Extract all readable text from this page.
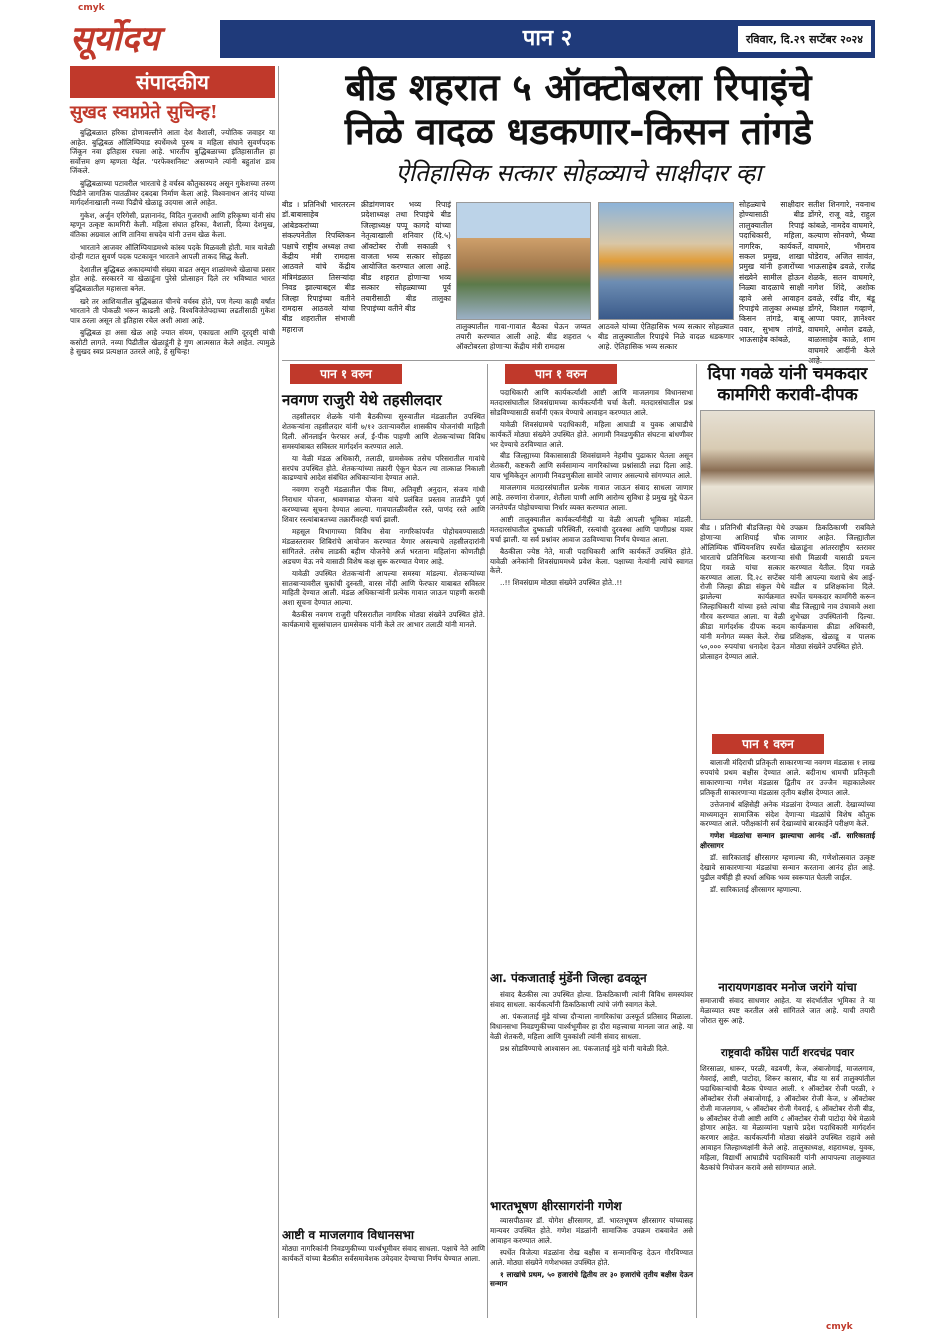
cmyk
सूर्योदय	पान २	रविवार, दि.२९ सप्टेंबर २०२४
संपादकीय
सुखद स्वप्नप्रेते सुचिन्ह!

बुद्धिबळात हरिका द्रोणावल्लीने आता देश वैशाली, ज्योतिक जवाहर या आहेत. बुद्धिबळ ऑलिम्पियाड स्पर्धेमध्ये पुरुष व महिला संघाने सुवर्णपदक जिंकून नवा इतिहास रचला आहे. भारतीय बुद्धिबळाच्या इतिहासातील हा सर्वोत्तम क्षण म्हणता येईल. 'परफेक्शनिस्ट' असण्याने त्यांनी बहुतांश डाव जिंकले.

बुद्धिबळाच्या पटावरील भारताचे हे वर्चस्व कौतुकास्पद असून गुकेशच्या तरुण पिढीने जागतिक पातळीवर दबदबा निर्माण केला आहे. विश्वनाथन आनंद यांच्या मार्गदर्शनाखाली नव्या पिढीचे खेळाडू उदयास आले आहेत.

गुकेश, अर्जुन एरिगेसी, प्रज्ञानानंद, विदित गुजराथी आणि हरिकृष्ण यांनी संघ म्हणून उत्कृष्ट कामगिरी केली. महिला संघात हरिका, वैशाली, दिव्या देशमुख, वंतिका अग्रवाल आणि तानिया सचदेव यांनी उत्तम खेळ केला.

भारताने आजवर ऑलिम्पियाडमध्ये कांस्य पदके मिळवली होती. मात्र यावेळी दोन्ही गटात सुवर्ण पदक पटकावून भारताने आपली ताकद सिद्ध केली.

देशातील बुद्धिबळ अकादम्यांची संख्या वाढत असून शाळांमध्ये खेळाचा प्रसार होत आहे. सरकारने या खेळाडूंना पुरेसे प्रोत्साहन दिले तर भविष्यात भारत बुद्धिबळातील महासत्ता बनेल.

खरे तर आशियातील बुद्धिबळात चीनचे वर्चस्व होते, पण गेल्या काही वर्षांत भारताने ती पोकळी भरून काढली आहे. विश्वविजेतेपदाच्या लढतीसाठी गुकेश पात्र ठरला असून तो इतिहास रचेल अशी आशा आहे.

बुद्धिबळ हा असा खेळ आहे ज्यात संयम, एकाग्रता आणि दूरदृष्टी यांची कसोटी लागते. नव्या पिढीतील खेळाडूंनी हे गुण आत्मसात केले आहेत. त्यामुळे हे सुखद स्वप्न प्रत्यक्षात उतरले आहे, हे सुचिन्ह!

बीड शहरात ५ ऑक्टोबरला रिपाइंचे
निळे वादळ धडकणार-किसन तांगडे
ऐतिहासिक सत्कार सोहळ्याचे साक्षीदार व्हा
बीड । प्रतिनिधी भारतरत्न डॉ.बाबासाहेब आंबेडकरांच्या संकल्पनेतील रिपब्लिकन पक्षाचे राष्ट्रीय अध्यक्ष तथा केंद्रीय मंत्री रामदास आठवले यांचे केंद्रीय मंत्रिमंडळात तिसऱ्यांदा निवड झाल्याबद्दल बीड जिल्हा रिपाइंच्या वतीने रामदास आठवले यांचा बीड शहरातील संभाजी महाराज
क्रीडांगणावर भव्य रिपाइं प्रदेशाध्यक्ष तथा रिपाइंचे बीड जिल्हाध्यक्ष पप्पू कागदे यांच्या नेतृत्वाखाली शनिवार (दि.५) ऑक्टोबर रोजी सकाळी ९ वाजता भव्य सत्कार सोहळा आयोजित करण्यात आला आहे. बीड शहरात होणाऱ्या भव्य सत्कार सोहळ्याच्या पूर्व तयारीसाठी बीड तालुका रिपाइंच्या वतीने बीड
तालुक्यातील गावा-गावात बैठका घेऊन जय्यत तयारी करण्यात आली आहे. बीड शहरात ५ ऑक्टोबरला होणाऱ्या केंद्रीय मंत्री रामदास
आठवले यांच्या ऐतिहासिक भव्य सत्कार सोहळ्यात बीड तालुक्यातील रिपाइंचे निळे वादळ धडकणार आहे. ऐतिहासिक भव्य सत्कार
सोहळ्याचे साक्षीदार होण्यासाठी बीड तालुक्यातील रिपाइं पदाधिकारी, महिला, नागरिक, कार्यकर्ते, सकल प्रमुख, शाखा प्रमुख यांनी हजारोंच्या संख्येने सामील होऊन निळ्या वादळाचे साक्षी व्हावे असे आवाहन रिपाइंचे तालुका अध्यक्ष किसन तांगडे, बाबू पवार, सुभाष तांगडे, भाऊसाहेब कांबळे,
सतीश शिनगारे, नवनाथ डोंगरे, राजू वडे, राहुल कांबळे, नामदेव वाघमारे, कल्याण सोनवणे, भैय्या वाघमारे, भीमराव घोडेराव, अजित सावंत, भाऊसाहेब ढवळे, राजेंद्र शेळके, सतन वाघमारे, नागेश शिंदे, अशोक ढवळे, रवींद्र वीर, बंडू डोंगरे, विशाल गव्हाणे, आप्पा पवार, ज्ञानेश्वर वाघमारे, अमोल ढवळे, बाळासाहेब काळे, शाम वाघमारे आदींनी केले
पान १ वरुन	पान १ वरुन
नवगण राजुरी येथे तहसीलदार

तहसीलदार शेळके यांनी बैठकीच्या सुरुवातील मंडळातील उपस्थित शेतकऱ्यांना तहसीलदार यांनी ७/१२ उताऱ्यावरील शासकीय योजनांची माहिती दिली. ऑनलाईन फेरफार अर्ज, ई-पीक पाहणी आणि शेतकऱ्यांच्या विविध समस्यांबाबत सविस्तर मार्गदर्शन करण्यात आले.

या वेळी मंडळ अधिकारी, तलाठी, ग्रामसेवक तसेच परिसरातील गावांचे सरपंच उपस्थित होते. शेतकऱ्यांच्या तक्रारी ऐकून घेऊन त्या तात्काळ निकाली काढण्याचे आदेश संबंधित अधिकाऱ्यांना देण्यात आले.

नवगण राजुरी मंडळातील पीक विमा, अतिवृष्टी अनुदान, संजय गांधी निराधार योजना, श्रावणबाळ योजना यांचे प्रलंबित प्रस्ताव तातडीने पूर्ण करण्याच्या सूचना देण्यात आल्या. गावपातळीवरील रस्ते, पाणंद रस्ते आणि शिवार रस्त्यांबाबतच्या तक्रारींवरही चर्चा झाली.

महसूल विभागाच्या विविध सेवा नागरिकांपर्यंत पोहोचवण्यासाठी मंडळस्तरावर शिबिरांचे आयोजन करण्यात येणार असल्याचे तहसीलदारांनी सांगितले. तसेच लाडकी बहीण योजनेचे अर्ज भरताना महिलांना कोणतीही अडचण येऊ नये यासाठी विशेष कक्ष सुरू करण्यात येणार आहे.

यावेळी उपस्थित शेतकऱ्यांनी आपल्या समस्या मांडल्या. शेतकऱ्यांच्या सातबाऱ्यावरील चुकांची दुरुस्ती, वारस नोंदी आणि फेरफार याबाबत सविस्तर माहिती देण्यात आली. मंडळ अधिकाऱ्यांनी प्रत्येक गावात जाऊन पाहणी करावी अशा सूचना देण्यात आल्या.

बैठकीस नवगण राजुरी परिसरातील नागरिक मोठ्या संख्येने उपस्थित होते. कार्यक्रमाचे सूत्रसंचालन ग्रामसेवक यांनी केले तर आभार तलाठी यांनी मानले.

आष्टी व माजलगाव विधानसभा
मोठ्या नागरिकांनी निवडणुकीच्या पार्श्वभूमीवर संवाद साधला. पक्षाचे नेते आणि कार्यकर्ते यांच्या बैठकीत सर्वसमावेशक उमेदवार देण्याचा निर्णय घेण्यात आला.

पदाधिकारी आणि कार्यकर्त्यांशी आष्टी आणि माजलगाव विधानसभा मतदारसंघातील शिवसंग्रामच्या कार्यकर्त्यांनी चर्चा केली. मतदारसंघातील प्रश्न सोडविण्यासाठी सर्वांनी एकत्र येण्याचे आवाहन करण्यात आले.

यावेळी शिवसंग्रामचे पदाधिकारी, महिला आघाडी व युवक आघाडीचे कार्यकर्ते मोठ्या संख्येने उपस्थित होते. आगामी निवडणुकीत संघटना बांधणीवर भर देण्याचे ठरविण्यात आले.

बीड जिल्ह्याच्या विकासासाठी शिवसंग्रामने नेहमीच पुढाकार घेतला असून शेतकरी, कष्टकरी आणि सर्वसामान्य नागरिकांच्या प्रश्नांसाठी लढा दिला आहे. याच भूमिकेतून आगामी निवडणुकीला सामोरे जाणार असल्याचे सांगण्यात आले.

माजलगाव मतदारसंघातील प्रत्येक गावात जाऊन संवाद साधला जाणार आहे. तरुणांना रोजगार, शेतीला पाणी आणि आरोग्य सुविधा हे प्रमुख मुद्दे घेऊन जनतेपर्यंत पोहोचण्याचा निर्धार व्यक्त करण्यात आला.

आष्टी तालुक्यातील कार्यकर्त्यांनीही या वेळी आपली भूमिका मांडली. मतदारसंघातील दुष्काळी परिस्थिती, रस्त्यांची दुरवस्था आणि पाणीप्रश्न यावर चर्चा झाली. या सर्व प्रश्नांवर आवाज उठविण्याचा निर्णय घेण्यात आला.

बैठकीला ज्येष्ठ नेते, माजी पदाधिकारी आणि कार्यकर्ते उपस्थित होते. यावेळी अनेकांनी शिवसंग्राममध्ये प्रवेश केला. पक्षाच्या नेत्यांनी त्यांचे स्वागत केले.

..!! शिवसंग्राम मोठ्या संख्येने उपस्थित होते..!!

आ. पंकजाताई मुंडेंनी जिल्हा ढवळून

संवाद बैठकीस त्या उपस्थित होत्या. ठिकठिकाणी त्यांनी विविध समस्यांवर संवाद साधला. कार्यकर्त्यांनी ठिकठिकाणी त्यांचे जंगी स्वागत केले.

आ. पंकजाताई मुंडे यांच्या दौऱ्याला नागरिकांचा उत्स्फूर्त प्रतिसाद मिळाला. विधानसभा निवडणुकीच्या पार्श्वभूमीवर हा दौरा महत्त्वाचा मानला जात आहे. या वेळी शेतकरी, महिला आणि युवकांशी त्यांनी संवाद साधला.

प्रश्न सोडविण्याचे आश्वासन आ. पंकजाताई मुंडे यांनी यावेळी दिले.

भारतभूषण क्षीरसागरांनी गणेश

व्यासपीठावर डॉ. योगेश क्षीरसागर, डॉ. भारतभूषण क्षीरसागर यांच्यासह मान्यवर उपस्थित होते. गणेश मंडळांनी सामाजिक उपक्रम राबवावेत असे आवाहन करण्यात आले.

स्पर्धेत विजेत्या मंडळांना रोख बक्षीस व सन्मानचिन्ह देऊन गौरविण्यात आले. मोठ्या संख्येने गणेशभक्त उपस्थित होते.

१ लाखांचे प्रथम, ५० हजारांचे द्वितीय तर ३० हजारांचे तृतीय बक्षीस देऊन सन्मान

दिपा गवळे यांनी चमकदार कामगिरी करावी-दीपक
बीड । प्रतिनिधी बीडजिल्हा येथे होणाऱ्या आशियाई चौक ऑलिम्पिक चॅम्पियनशिप स्पर्धेत भारताचे प्रतिनिधित्व करणाऱ्या दिपा गवळे यांचा सत्कार करण्यात आला. दि.२८ सप्टेंबर रोजी जिल्हा क्रीडा संकुल येथे झालेल्या कार्यक्रमात जिल्हाधिकारी यांच्या हस्ते त्यांचा गौरव करण्यात आला. या वेळी क्रीडा मार्गदर्शक दीपक कदम यांनी मनोगत व्यक्त केले. रोख ५०,००० रुपयांचा धनादेश देऊन प्रोत्साहन देण्यात आले.
उपक्रम ठिकठिकाणी राबविले जाणार आहेत. जिल्ह्यातील खेळाडूंना आंतरराष्ट्रीय स्तरावर संधी मिळावी यासाठी प्रयत्न करण्यात येतील. दिपा गवळे यांनी आपल्या यशाचे श्रेय आई-वडील व प्रशिक्षकांना दिले. स्पर्धेत चमकदार कामगिरी करून बीड जिल्ह्याचे नाव उंचावावे अशा शुभेच्छा उपस्थितांनी दिल्या. कार्यक्रमास क्रीडा अधिकारी, प्रशिक्षक, खेळाडू व पालक मोठ्या संख्येने उपस्थित होते.
पान १ वरुन

बालाजी मंदिराची प्रतिकृती साकारणाऱ्या नवगण मंडळास १ लाख रुपयांचे प्रथम बक्षीस देण्यात आले. बदीनाथ धामची प्रतिकृती साकारणाऱ्या गणेश मंडळास द्वितीय तर उज्जैन महाकालेश्वर प्रतिकृती साकारणाऱ्या मंडळास तृतीय बक्षीस देण्यात आले.

उत्तेजनार्थ बक्षिसेही अनेक मंडळांना देण्यात आली. देखाव्यांच्या माध्यमातून सामाजिक संदेश देणाऱ्या मंडळांचे विशेष कौतुक करण्यात आले. परीक्षकांनी सर्व देखाव्यांचे बारकाईने परीक्षण केले.

गणेश मंडळांचा सन्मान झाल्याचा आनंद -डॉ. सारिकाताई क्षीरसागर

डॉ. सारिकाताई क्षीरसागर म्हणाल्या की, गणेशोत्सवात उत्कृष्ट देखावे साकारणाऱ्या मंडळांचा सन्मान करताना आनंद होत आहे. पुढील वर्षीही ही स्पर्धा अधिक भव्य स्वरूपात घेतली जाईल.

डॉ. सारिकाताई क्षीरसागर म्हणाल्या.

नारायणगडावर मनोज जरांगे यांचा
समाजाची संवाद साधणार आहेत. या संदर्भातील भूमिका ते या मेळाव्यात स्पष्ट करतील असे सांगितले जात आहे. याची तयारी जोरात सुरू आहे.
राष्ट्रवादी काँग्रेस पार्टी शरदचंद्र पवार
शिरसाळा, धारूर, परळी, वडवणी, केज, अंबाजोगाई, माजलगाव, गेवराई, आष्टी, पाटोदा, शिरूर कासार, बीड या सर्व तालुक्यांतील पदाधिकाऱ्यांची बैठक घेण्यात आली. १ ऑक्टोबर रोजी परळी, २ ऑक्टोबर रोजी अंबाजोगाई, ३ ऑक्टोबर रोजी केज, ४ ऑक्टोबर रोजी माजलगाव, ५ ऑक्टोबर रोजी गेवराई, ६ ऑक्टोबर रोजी बीड, ७ ऑक्टोबर रोजी आष्टी आणि ८ ऑक्टोबर रोजी पाटोदा येथे मेळावे होणार आहेत. या मेळाव्यांना पक्षाचे प्रदेश पदाधिकारी मार्गदर्शन करणार आहेत. कार्यकर्त्यांनी मोठ्या संख्येने उपस्थित राहावे असे आवाहन जिल्हाध्यक्षांनी केले आहे. तालुकाध्यक्ष, शहराध्यक्ष, युवक, महिला, विद्यार्थी आघाडीचे पदाधिकारी यांनी आपापल्या तालुक्यात बैठकांचे नियोजन करावे असे सांगण्यात आले.
cmyk
